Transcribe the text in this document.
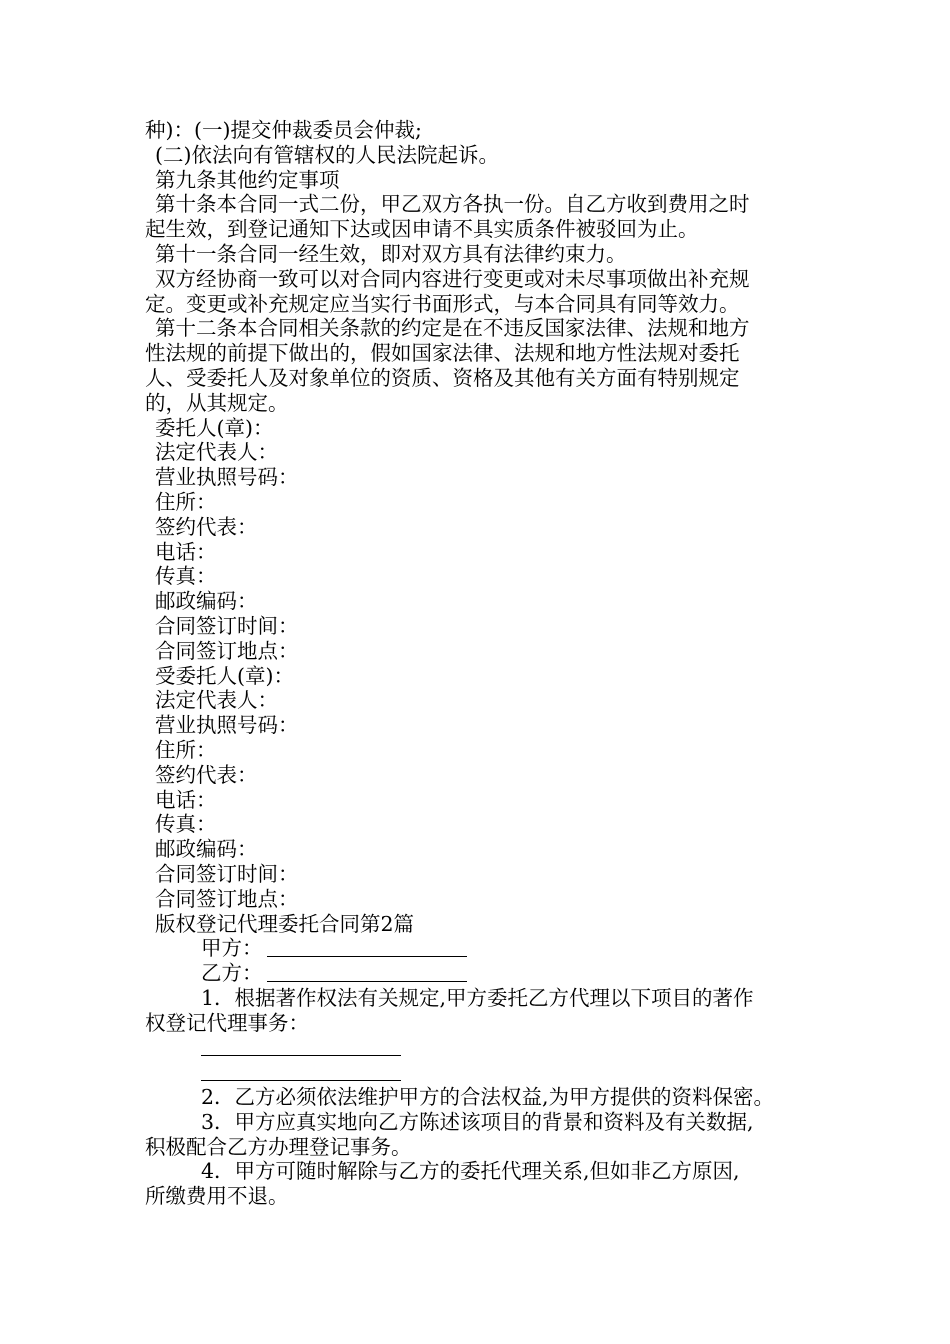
种)：(一)提交仲裁委员会仲裁;
(二)依法向有管辖权的人民法院起诉。
第九条其他约定事项
第十条本合同一式二份，甲乙双方各执一份。自乙方收到费用之时
起生效，到登记通知下达或因申请不具实质条件被驳回为止。
第十一条合同一经生效，即对双方具有法律约束力。
双方经协商一致可以对合同内容进行变更或对未尽事项做出补充规
定。变更或补充规定应当实行书面形式，与本合同具有同等效力。
第十二条本合同相关条款的约定是在不违反国家法律、法规和地方
性法规的前提下做出的，假如国家法律、法规和地方性法规对委托
人、受委托人及对象单位的资质、资格及其他有关方面有特别规定
的，从其规定。
委托人(章)：
法定代表人：
营业执照号码：
住所：
签约代表：
电话：
传真：
邮政编码：
合同签订时间：
合同签订地点：
受委托人(章)：
法定代表人：
营业执照号码：
住所：
签约代表：
电话：
传真：
邮政编码：
合同签订时间：
合同签订地点：
版权登记代理委托合同第2篇
甲方：
乙方：
1．根据著作权法有关规定,甲方委托乙方代理以下项目的著作
权登记代理事务：
2．乙方必须依法维护甲方的合法权益,为甲方提供的资料保密。
3．甲方应真实地向乙方陈述该项目的背景和资料及有关数据,
积极配合乙方办理登记事务。
4．甲方可随时解除与乙方的委托代理关系,但如非乙方原因,
所缴费用不退。
